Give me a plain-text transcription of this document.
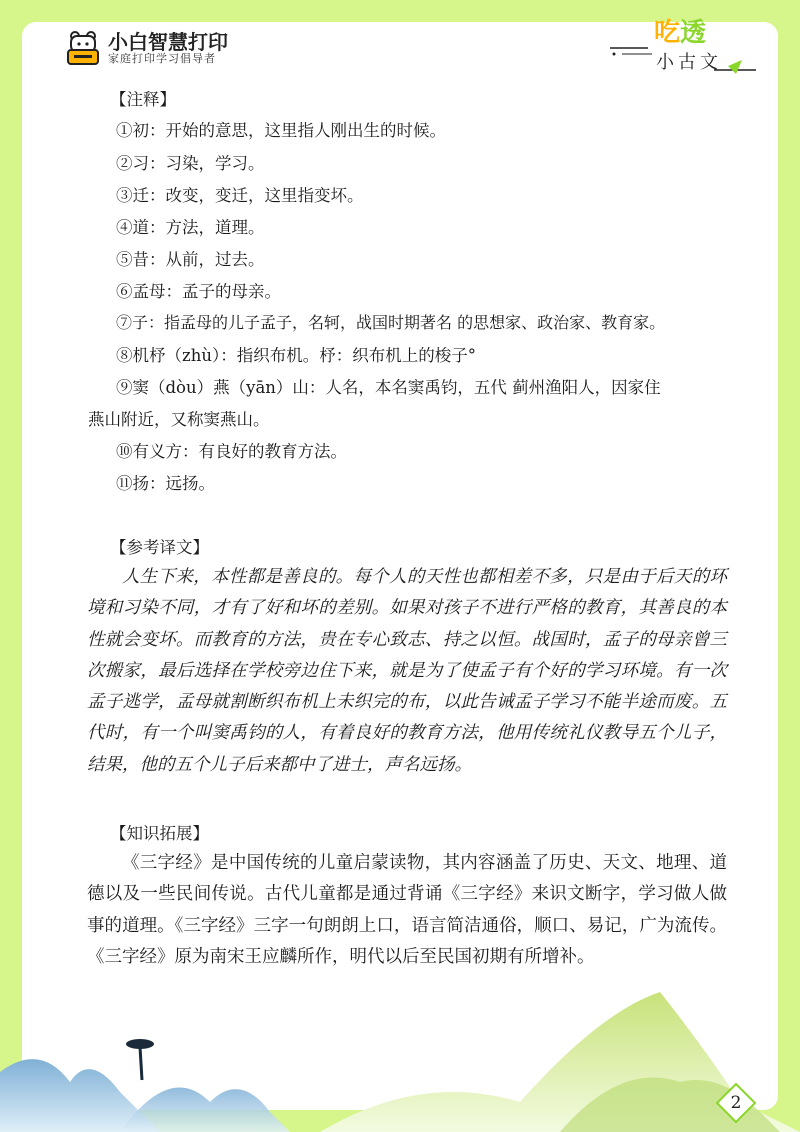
小白智慧打印
家庭打印学习倡导者
吃透
小古文
【注释】
①初：开始的意思，这里指人刚出生的时候。
②习：习染，学习。
③迁：改变，变迁，这里指变坏。
④道：方法，道理。
⑤昔：从前，过去。
⑥孟母：孟子的母亲。
⑦子：指孟母的儿子孟子，名轲，战国时期著名 的思想家、政治家、教育家。
⑧机杼（zhù）：指织布机。杼：织布机上的梭子°
⑨窦（dòu）燕（yān）山：人名，本名窦禹钧，五代 蓟州渔阳人，因家住
燕山附近，又称窦燕山。
⑩有义方：有良好的教育方法。
⑪扬：远扬。
【参考译文】
人生下来，本性都是善良的。每个人的天性也都相差不多，只是由于后天的环境和习染不同，才有了好和坏的差别。如果对孩子不进行严格的教育，其善良的本性就会变坏。而教育的方法，贵在专心致志、持之以恒。战国时，孟子的母亲曾三次搬家，最后选择在学校旁边住下来，就是为了使孟子有个好的学习环境。有一次孟子逃学，孟母就割断织布机上未织完的布，以此告诫孟子学习不能半途而废。五代时，有一个叫窦禹钧的人，有着良好的教育方法，他用传统礼仪教导五个儿子，结果，他的五个儿子后来都中了进士，声名远扬。
【知识拓展】
《三字经》是中国传统的儿童启蒙读物，其内容涵盖了历史、天文、地理、道德以及一些民间传说。古代儿童都是通过背诵《三字经》来识文断字，学习做人做事的道理。《三字经》三字一句朗朗上口，语言简洁通俗，顺口、易记，广为流传。《三字经》原为南宋王应麟所作，明代以后至民国初期有所增补。
2
